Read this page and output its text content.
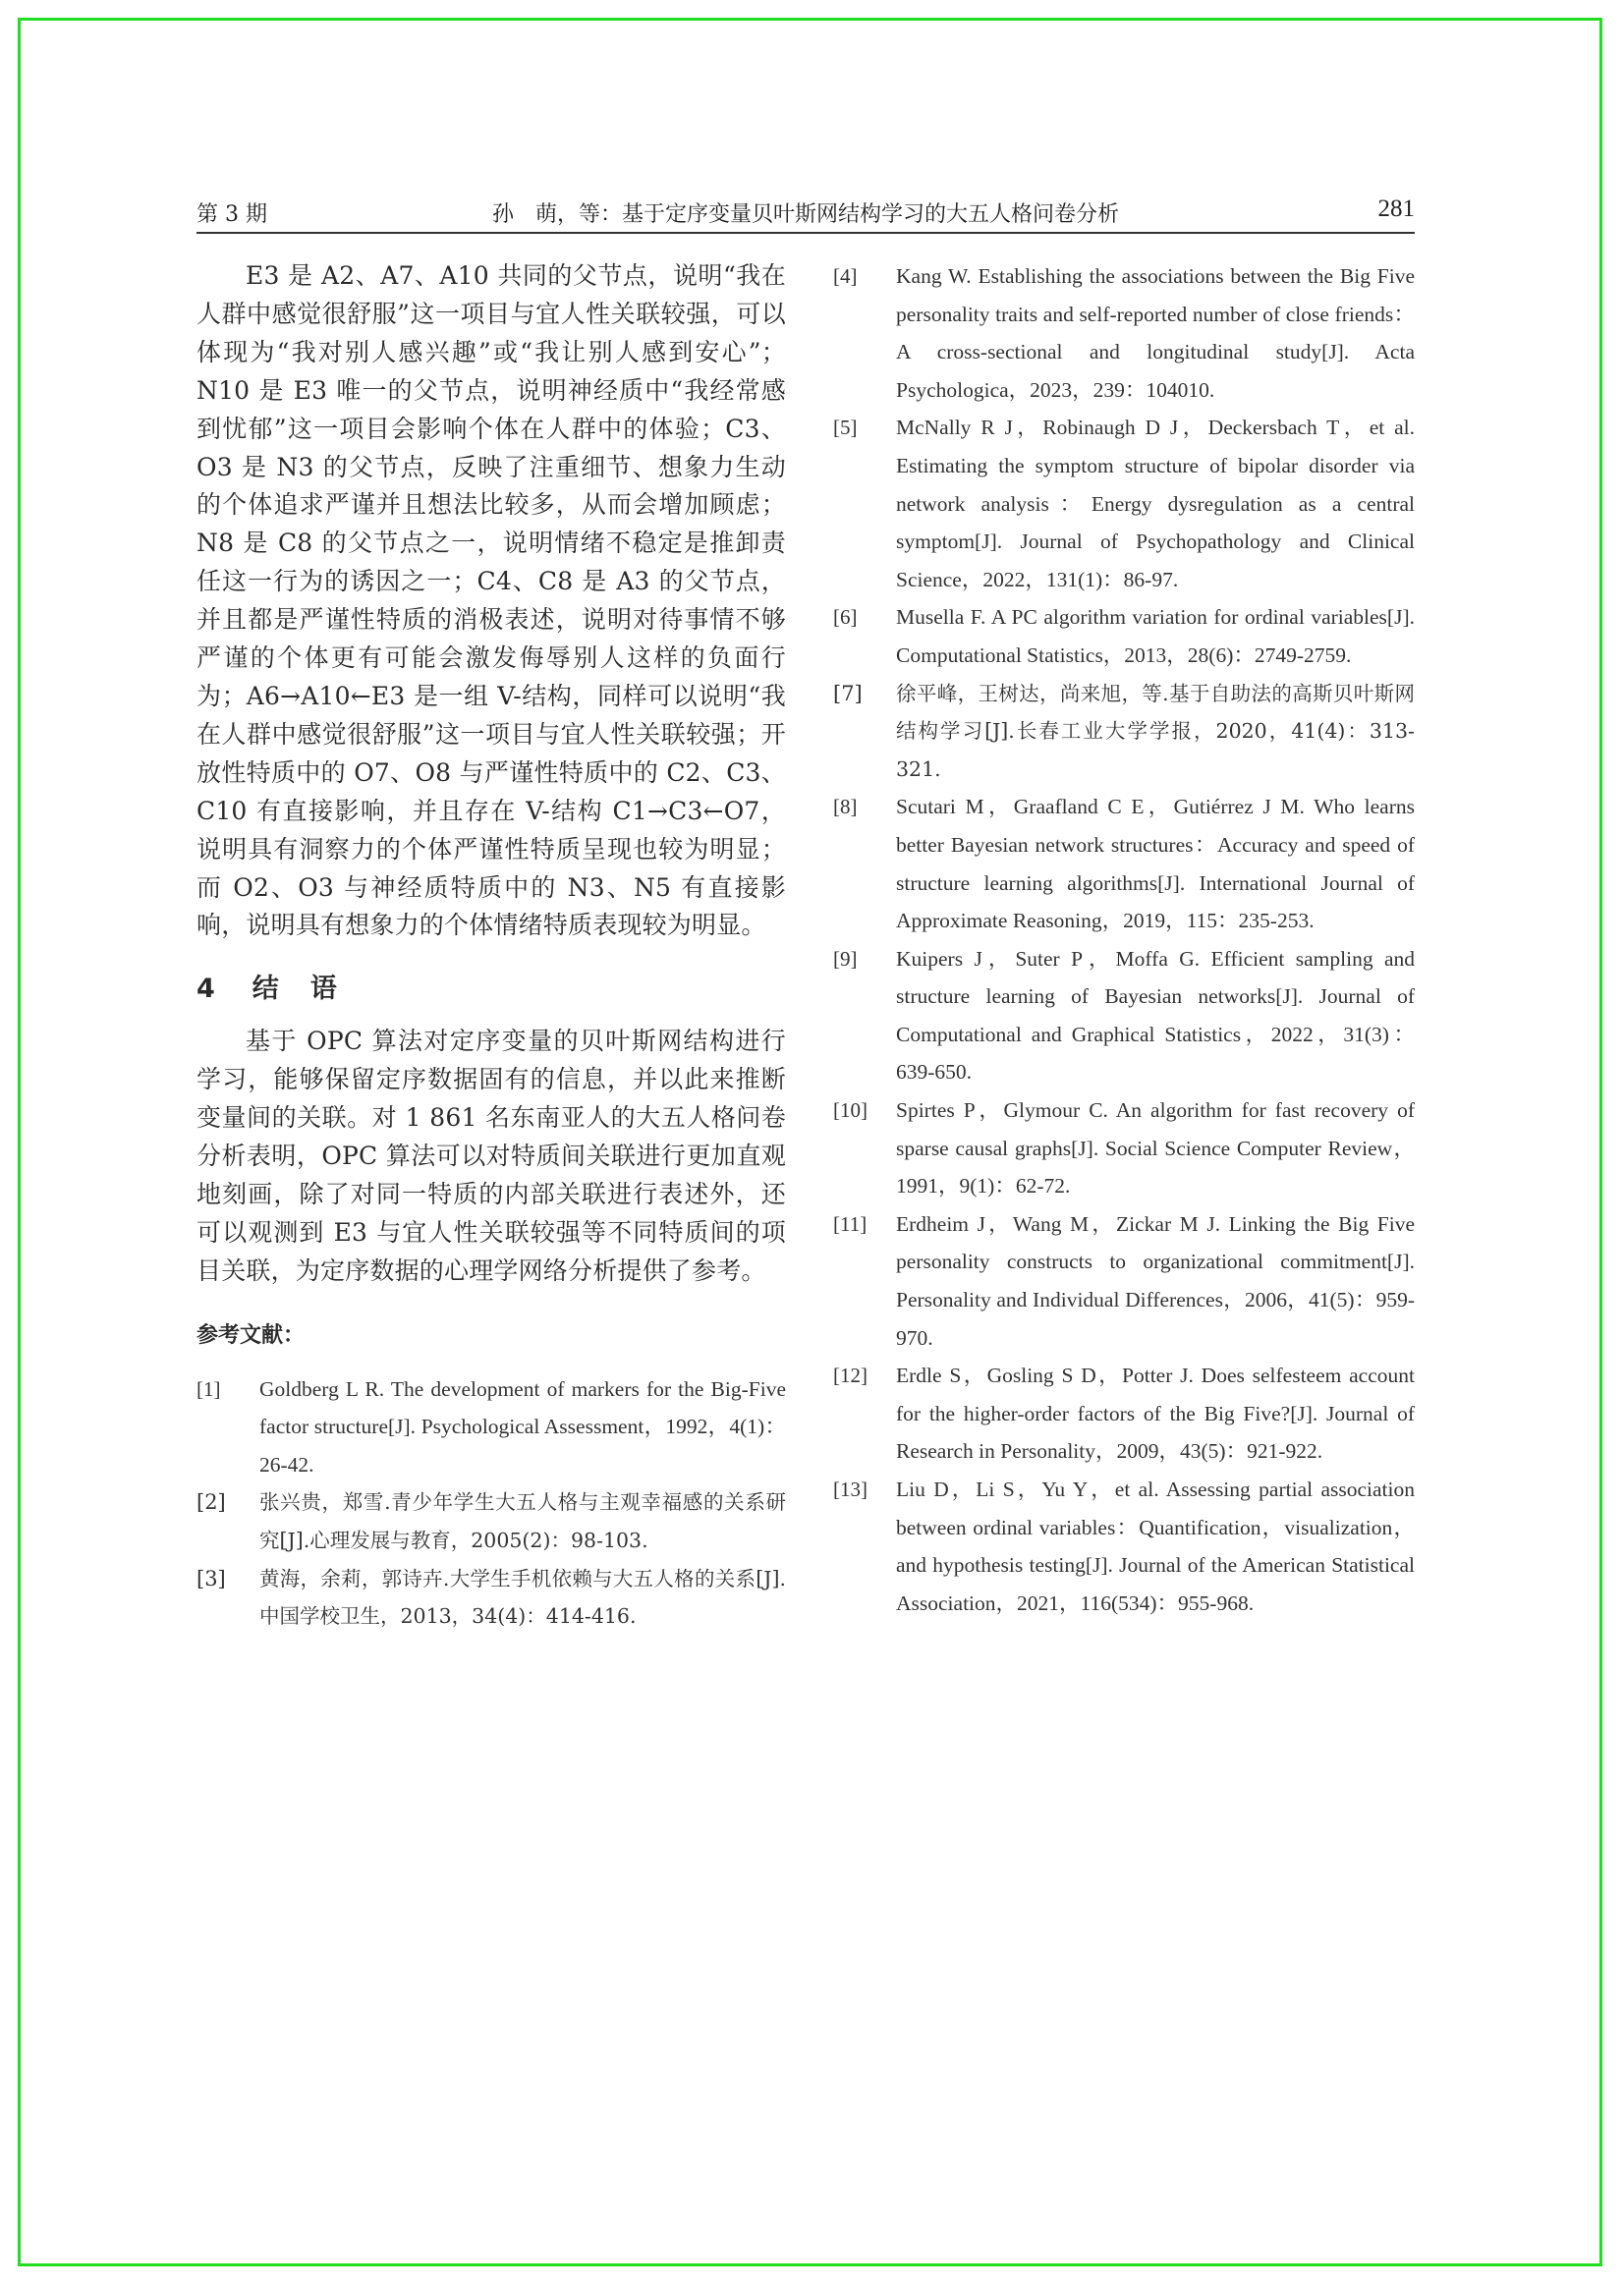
第 3 期	孙　萌，等：基于定序变量贝叶斯网结构学习的大五人格问卷分析	281

E3 是 A2、A7、A10 共同的父节点，说明“我在人群中感觉很舒服”这一项目与宜人性关联较强，可以体现为“我对别人感兴趣”或“我让别人感到安心”；N10 是 E3 唯一的父节点，说明神经质中“我经常感到忧郁”这一项目会影响个体在人群中的体验；C3、O3 是 N3 的父节点，反映了注重细节、想象力生动的个体追求严谨并且想法比较多，从而会增加顾虑；N8 是 C8 的父节点之一，说明情绪不稳定是推卸责任这一行为的诱因之一；C4、C8 是 A3 的父节点，并且都是严谨性特质的消极表述，说明对待事情不够严谨的个体更有可能会激发侮辱别人这样的负面行为；A6→A10←E3 是一组 V-结构，同样可以说明“我在人群中感觉很舒服”这一项目与宜人性关联较强；开放性特质中的 O7、O8 与严谨性特质中的 C2、C3、C10 有直接影响，并且存在 V-结构 C1→C3←O7，说明具有洞察力的个体严谨性特质呈现也较为明显；而 O2、O3 与神经质特质中的 N3、N5 有直接影响，说明具有想象力的个体情绪特质表现较为明显。

4 结 语

基于 OPC 算法对定序变量的贝叶斯网结构进行学习，能够保留定序数据固有的信息，并以此来推断变量间的关联。对 1 861 名东南亚人的大五人格问卷分析表明，OPC 算法可以对特质间关联进行更加直观地刻画，除了对同一特质的内部关联进行表述外，还可以观测到 E3 与宜人性关联较强等不同特质间的项目关联，为定序数据的心理学网络分析提供了参考。

参考文献：
[1] Goldberg L R. The development of markers for the Big-Five factor structure[J]. Psychological Assessment，1992，4(1)：26-42.
[2] 张兴贵，郑雪.青少年学生大五人格与主观幸福感的关系研究[J].心理发展与教育，2005(2)：98-103.
[3] 黄海，余莉，郭诗卉.大学生手机依赖与大五人格的关系[J].中国学校卫生，2013，34(4)：414-416.
[4] Kang W. Establishing the associations between the Big Five personality traits and self-reported number of close friends：A cross-sectional and longitudinal study[J]. Acta Psychologica，2023，239：104010.
[5] McNally R J，Robinaugh D J，Deckersbach T，et al. Estimating the symptom structure of bipolar disorder via network analysis：Energy dysregulation as a central symptom[J]. Journal of Psychopathology and Clinical Science，2022，131(1)：86-97.
[6] Musella F. A PC algorithm variation for ordinal variables[J]. Computational Statistics，2013，28(6)：2749-2759.
[7] 徐平峰，王树达，尚来旭，等.基于自助法的高斯贝叶斯网结构学习[J].长春工业大学学报，2020，41(4)：313-321.
[8] Scutari M，Graafland C E，Gutiérrez J M. Who learns better Bayesian network structures：Accuracy and speed of structure learning algorithms[J]. International Journal of Approximate Reasoning，2019，115：235-253.
[9] Kuipers J，Suter P，Moffa G. Efficient sampling and structure learning of Bayesian networks[J]. Journal of Computational and Graphical Statistics，2022，31(3)：639-650.
[10] Spirtes P，Glymour C. An algorithm for fast recovery of sparse causal graphs[J]. Social Science Computer Review，1991，9(1)：62-72.
[11] Erdheim J，Wang M，Zickar M J. Linking the Big Five personality constructs to organizational commitment[J]. Personality and Individual Differences，2006，41(5)：959-970.
[12] Erdle S，Gosling S D，Potter J. Does selfesteem account for the higher-order factors of the Big Five?[J]. Journal of Research in Personality，2009，43(5)：921-922.
[13] Liu D，Li S，Yu Y，et al. Assessing partial association between ordinal variables：Quantification，visualization，and hypothesis testing[J]. Journal of the American Statistical Association，2021，116(534)：955-968.
